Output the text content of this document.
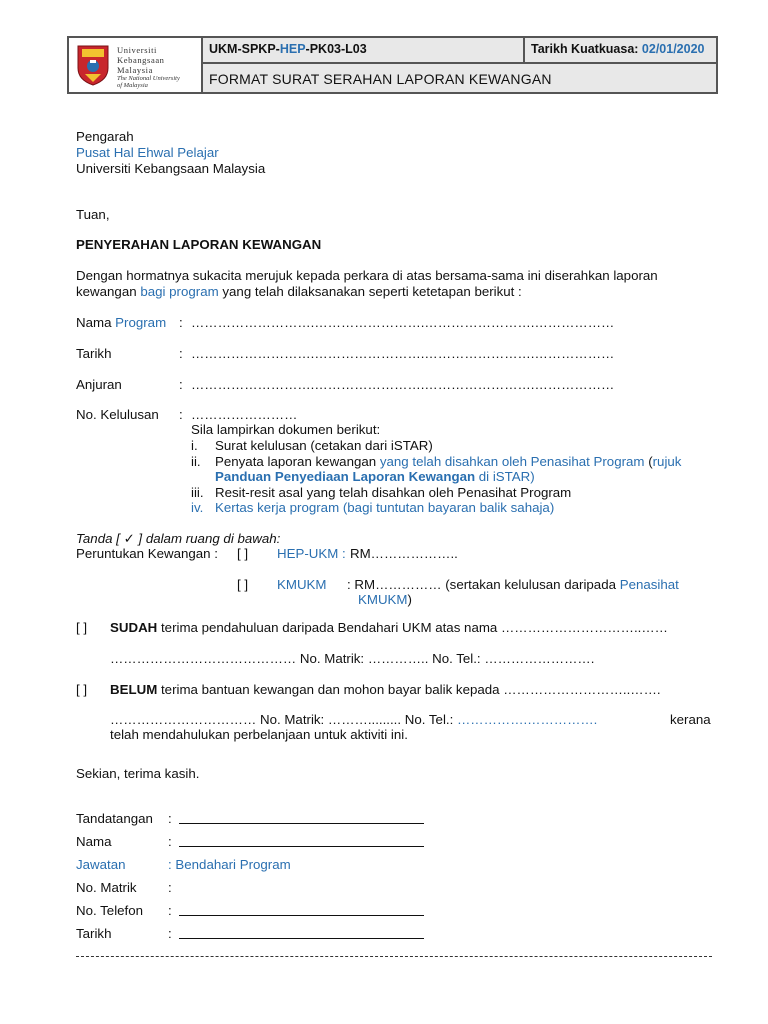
Universiti
Kebangsaan
Malaysia
The National University
of Malaysia
UKM-SPKP-HEP-PK03-L03	Tarikh Kuatkuasa: 02/01/2020
FORMAT SURAT SERAHAN LAPORAN KEWANGAN
Pengarah
Pusat Hal Ehwal Pelajar
Universiti Kebangsaan Malaysia
Tuan,
PENYERAHAN LAPORAN KEWANGAN
Dengan hormatnya sukacita merujuk kepada perkara di atas bersama-sama ini diserahkan laporan
kewangan bagi program yang telah dilaksanakan seperti ketetapan berikut :
Nama Program : ……………………….…………………….…………………….………………
Tarikh	: ……………………….…………………….…………………….………………
Anjuran	: ……………………….…………………….…………………….………………
No. Kelulusan : ……………………
Sila lampirkan dokumen berikut:
i. Surat kelulusan (cetakan dari iSTAR)
ii. Penyata laporan kewangan yang telah disahkan oleh Penasihat Program (rujuk
Panduan Penyediaan Laporan Kewangan di iSTAR)
iii. Resit-resit asal yang telah disahkan oleh Penasihat Program
iv. Kertas kerja program (bagi tuntutan bayaran balik sahaja)
Tanda [ ✓ ] dalam ruang di bawah:
Peruntukan Kewangan : [ ] HEP-UKM : RM………………..
[ ] KMUKM : RM…………… (sertakan kelulusan daripada Penasihat
KMUKM)
[ ] SUDAH terima pendahuluan daripada Bendahari UKM atas nama …………………………..……
…………………………………… No. Matrik: ………….. No. Tel.: …………………….
[ ] BELUM terima bantuan kewangan dan mohon bayar balik kepada ………………………..…….
…………………………… No. Matrik: ………......... No. Tel.: …………….…………….	kerana
telah mendahulukan perbelanjaan untuk aktiviti ini.
Sekian, terima kasih.
Tandatangan :
Nama	:
Jawatan	: Bendahari Program
No. Matrik :
No. Telefon :
Tarikh	:
